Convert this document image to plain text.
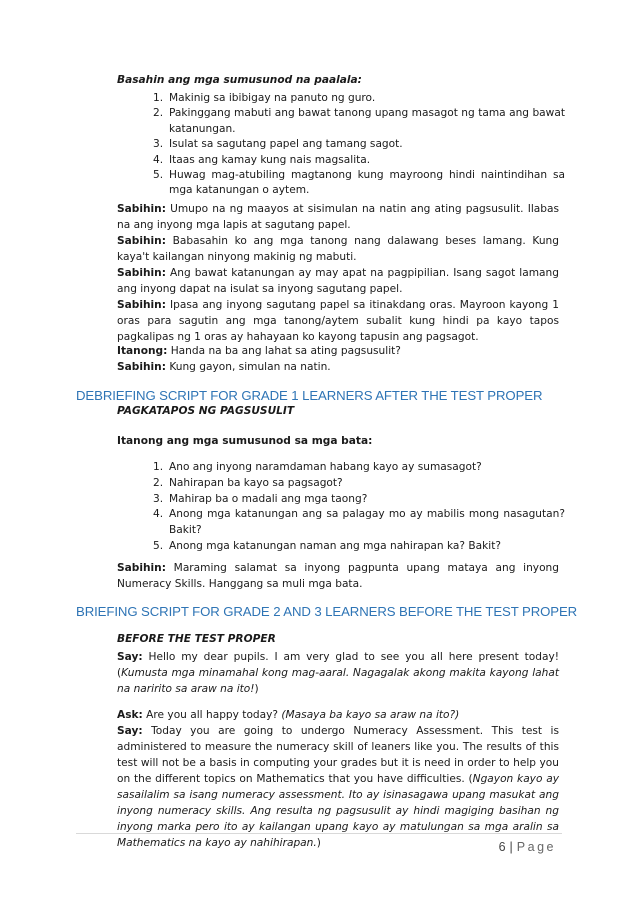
Basahin ang mga sumusunod na paalala:
1. Makinig sa ibibigay na panuto ng guro.
2. Pakinggang mabuti ang bawat tanong upang masagot ng tama ang bawat katanungan.
3. Isulat sa sagutang papel ang tamang sagot.
4. Itaas ang kamay kung nais magsalita.
5. Huwag mag-atubiling magtanong kung mayroong hindi naintindihan sa mga katanungan o aytem.
Sabihin: Umupo na ng maayos at sisimulan na natin ang ating pagsusulit. Ilabas na ang inyong mga lapis at sagutang papel.
Sabihin: Babasahin ko ang mga tanong nang dalawang beses lamang. Kung kaya't kailangan ninyong makinig ng mabuti.
Sabihin: Ang bawat katanungan ay may apat na pagpipilian. Isang sagot lamang ang inyong dapat na isulat sa inyong sagutang papel.
Sabihin: Ipasa ang inyong sagutang papel sa itinakdang oras. Mayroon kayong 1 oras para sagutin ang mga tanong/aytem subalit kung hindi pa kayo tapos pagkalipas ng 1 oras ay hahayaan ko kayong tapusin ang pagsagot.
Itanong: Handa na ba ang lahat sa ating pagsusulit?
Sabihin: Kung gayon, simulan na natin.
DEBRIEFING SCRIPT FOR GRADE 1 LEARNERS AFTER THE TEST PROPER
PAGKATAPOS NG PAGSUSULIT
Itanong ang mga sumusunod sa mga bata:
1. Ano ang inyong naramdaman habang kayo ay sumasagot?
2. Nahirapan ba kayo sa pagsagot?
3. Mahirap ba o madali ang mga taong?
4. Anong mga katanungan ang sa palagay mo ay mabilis mong nasagutan? Bakit?
5. Anong mga katanungan naman ang mga nahirapan ka? Bakit?
Sabihin: Maraming salamat sa inyong pagpunta upang mataya ang inyong Numeracy Skills. Hanggang sa muli mga bata.
BRIEFING SCRIPT FOR GRADE 2 AND 3 LEARNERS BEFORE THE TEST PROPER
BEFORE THE TEST PROPER
Say: Hello my dear pupils. I am very glad to see you all here present today! (Kumusta mga minamahal kong mag-aaral. Nagagalak akong makita kayong lahat na naririto sa araw na ito!)
Ask: Are you all happy today? (Masaya ba kayo sa araw na ito?)
Say: Today you are going to undergo Numeracy Assessment. This test is administered to measure the numeracy skill of leaners like you. The results of this test will not be a basis in computing your grades but it is need in order to help you on the different topics on Mathematics that you have difficulties. (Ngayon kayo ay sasailalim sa isang numeracy assessment. Ito ay isinasagawa upang masukat ang inyong numeracy skills. Ang resulta ng pagsusulit ay hindi magiging basihan ng inyong marka pero ito ay kailangan upang kayo ay matulungan sa mga aralin sa Mathematics na kayo ay nahihirapan.)	6 | Page
